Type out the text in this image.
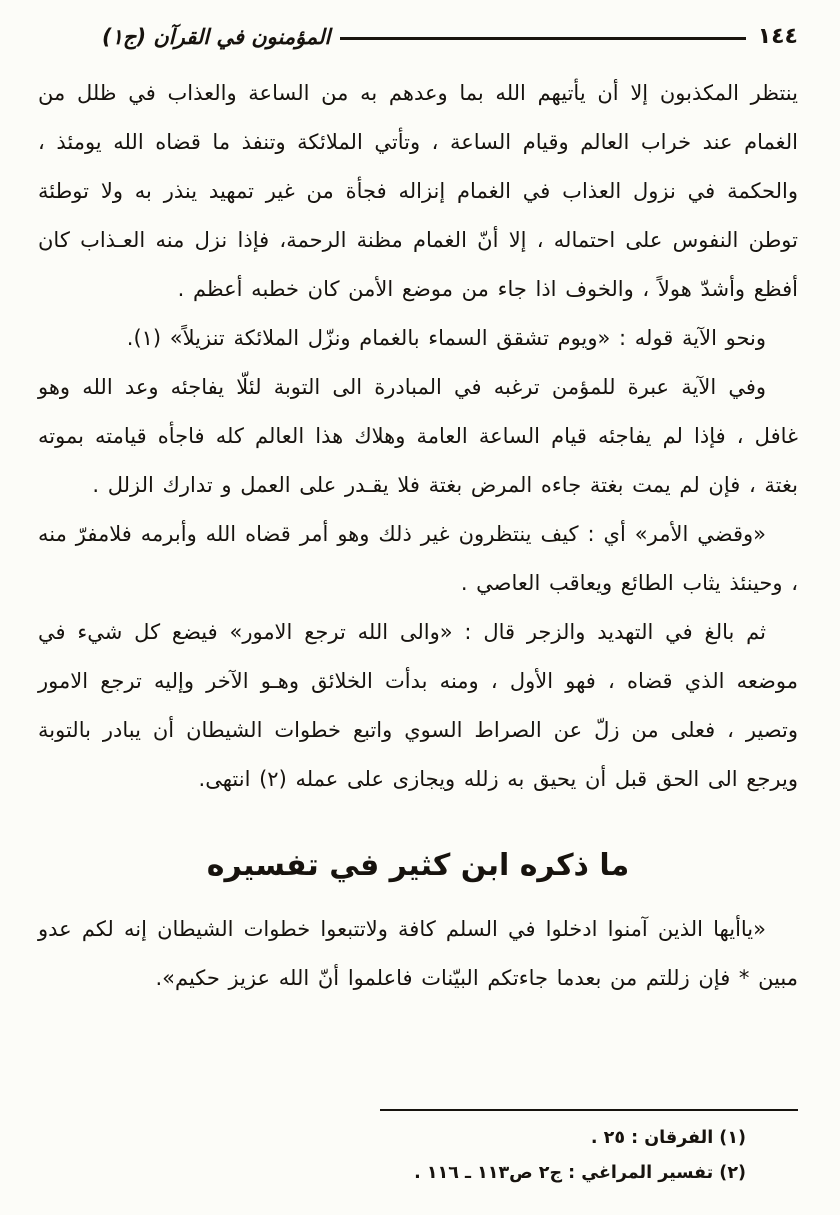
١٤٤
المؤمنون في القرآن (ج١)

ينتظر المكذبون إلا أن يأتيهم الله بما وعدهم به من الساعة والعذاب في ظلل من الغمام عند خراب العالم وقيام الساعة ، وتأتي الملائكة وتنفذ ما قضاه الله يومئذ ، والحكمة في نزول العذاب في الغمام إنزاله فجأة من غير تمهيد ينذر به ولا توطئة توطن النفوس على احتماله ، إلا أنّ الغمام مظنة الرحمة، فإذا نزل منه العـذاب كان أفظع وأشدّ هولاً ، والخوف اذا جاء من موضع الأمن كان خطبه أعظم .

ونحو الآية قوله : «ويوم تشقق السماء بالغمام ونزّل الملائكة تنزيلاً» (١).

وفي الآية عبرة للمؤمن ترغبه في المبادرة الى التوبة لئلّا يفاجئه وعد الله وهو غافل ، فإذا لم يفاجئه قيام الساعة العامة وهلاك هذا العالم كله فاجأه قيامته بموته بغتة ، فإن لم يمت بغتة جاءه المرض بغتة فلا يقـدر على العمل و تدارك الزلل .

«وقضي الأمر» أي : كيف ينتظرون غير ذلك وهو أمر قضاه الله وأبرمه فلامفرّ منه ، وحينئذ يثاب الطائع ويعاقب العاصي .

ثم بالغ في التهديد والزجر قال : «والى الله ترجع الامور» فيضع كل شيء في موضعه الذي قضاه ، فهو الأول ، ومنه بدأت الخلائق وهـو الآخر وإليه ترجع الامور وتصير ، فعلى من زلّ عن الصراط السوي واتبع خطوات الشيطان أن يبادر بالتوبة ويرجع الى الحق قبل أن يحيق به زلله ويجازى على عمله (٢) انتهى.

ما ذكره ابن كثير في تفسيره

«ياأيها الذين آمنوا ادخلوا في السلم كافة ولاتتبعوا خطوات الشيطان إنه لكم عدو مبين * فإن زللتم من بعدما جاءتكم البيّنات فاعلموا أنّ الله عزيز حكيم».

(١) الفرقان : ٢٥ .

(٢) تفسير المراغي : ج٢ ص١١٣ ـ ١١٦ .
